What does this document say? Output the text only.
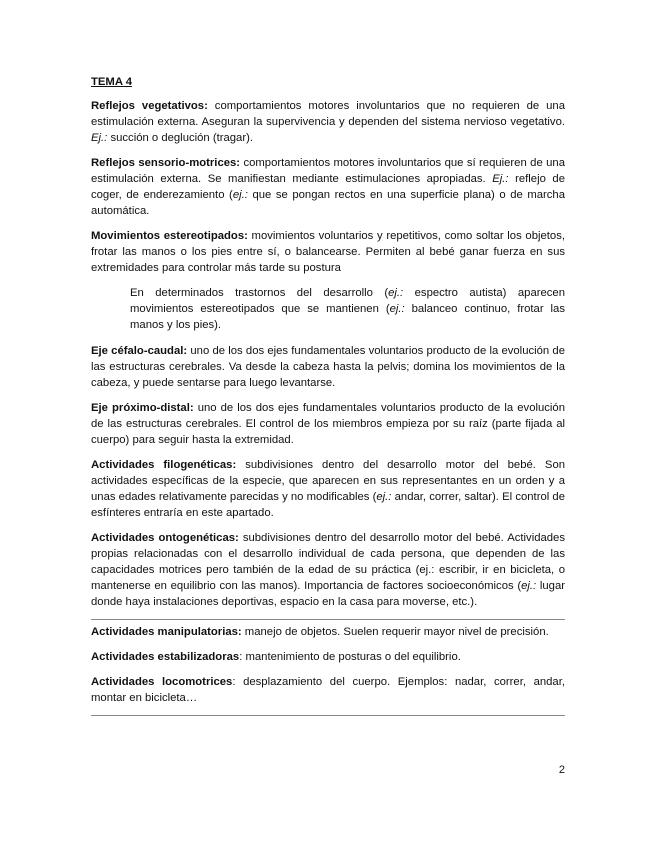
TEMA 4

Reflejos vegetativos: comportamientos motores involuntarios que no requieren de una estimulación externa. Aseguran la supervivencia y dependen del sistema nervioso vegetativo. Ej.: succión o deglución (tragar).

Reflejos sensorio-motrices: comportamientos motores involuntarios que sí requieren de una estimulación externa. Se manifiestan mediante estimulaciones apropiadas. Ej.: reflejo de coger, de enderezamiento (ej.: que se pongan rectos en una superficie plana) o de marcha automática.

Movimientos estereotipados: movimientos voluntarios y repetitivos, como soltar los objetos, frotar las manos o los pies entre sí, o balancearse. Permiten al bebé ganar fuerza en sus extremidades para controlar más tarde su postura

En determinados trastornos del desarrollo (ej.: espectro autista) aparecen movimientos estereotipados que se mantienen (ej.: balanceo continuo, frotar las manos y los pies).

Eje céfalo-caudal: uno de los dos ejes fundamentales voluntarios producto de la evolución de las estructuras cerebrales. Va desde la cabeza hasta la pelvis; domina los movimientos de la cabeza, y puede sentarse para luego levantarse.

Eje próximo-distal: uno de los dos ejes fundamentales voluntarios producto de la evolución de las estructuras cerebrales. El control de los miembros empieza por su raíz (parte fijada al cuerpo) para seguir hasta la extremidad.

Actividades filogenéticas: subdivisiones dentro del desarrollo motor del bebé. Son actividades específicas de la especie, que aparecen en sus representantes en un orden y a unas edades relativamente parecidas y no modificables (ej.: andar, correr, saltar). El control de esfínteres entraría en este apartado.

Actividades ontogenéticas: subdivisiones dentro del desarrollo motor del bebé. Actividades propias relacionadas con el desarrollo individual de cada persona, que dependen de las capacidades motrices pero también de la edad de su práctica (ej.: escribir, ir en bicicleta, o mantenerse en equilibrio con las manos). Importancia de factores socioeconómicos (ej.: lugar donde haya instalaciones deportivas, espacio en la casa para moverse, etc.).

Actividades manipulatorias: manejo de objetos. Suelen requerir mayor nivel de precisión.

Actividades estabilizadoras: mantenimiento de posturas o del equilibrio.

Actividades locomotrices: desplazamiento del cuerpo. Ejemplos: nadar, correr, andar, montar en bicicleta…

2
